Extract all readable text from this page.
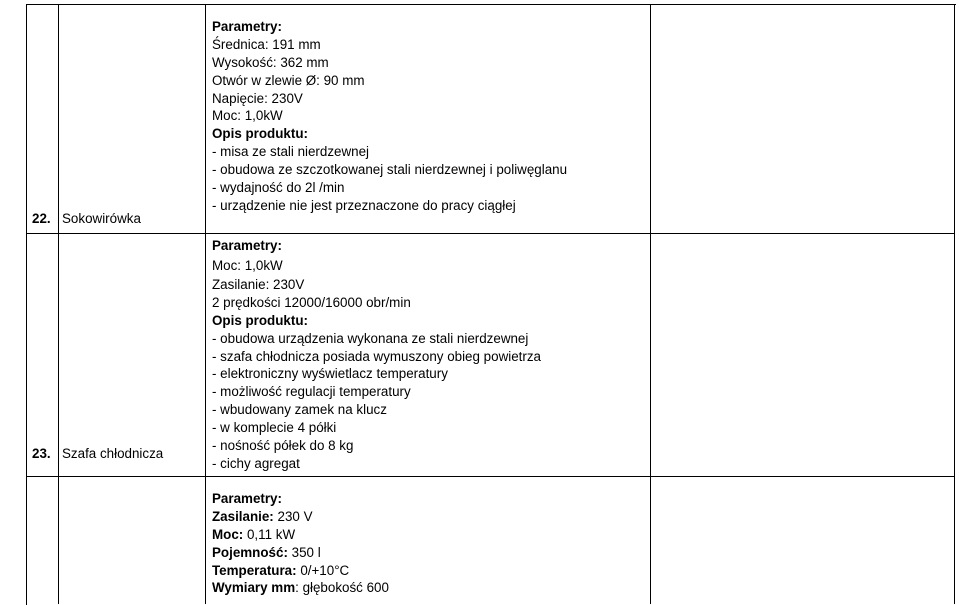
22. Sokowirówka
23. Szafa chłodnicza
Parametry:
Średnica: 191 mm
Wysokość: 362 mm
Otwór w zlewie Ø: 90 mm
Napięcie: 230V
Moc: 1,0kW
Opis produktu:
- misa ze stali nierdzewnej
- obudowa ze szczotkowanej stali nierdzewnej i poliwęglanu
- wydajność do 2l /min
- urządzenie nie jest przeznaczone do pracy ciągłej
Parametry:
Moc: 1,0kW
Zasilanie: 230V
2 prędkości 12000/16000 obr/min
Opis produktu:
- obudowa urządzenia wykonana ze stali nierdzewnej
- szafa chłodnicza posiada wymuszony obieg powietrza
- elektroniczny wyświetlacz temperatury
- możliwość regulacji temperatury
- wbudowany zamek na klucz
- w komplecie 4 półki
- nośność półek do 8 kg
- cichy agregat
Parametry:
Zasilanie: 230 V
Moc: 0,11 kW
Pojemność: 350 l
Temperatura: 0/+10°C
Wymiary mm: głębokość 600
